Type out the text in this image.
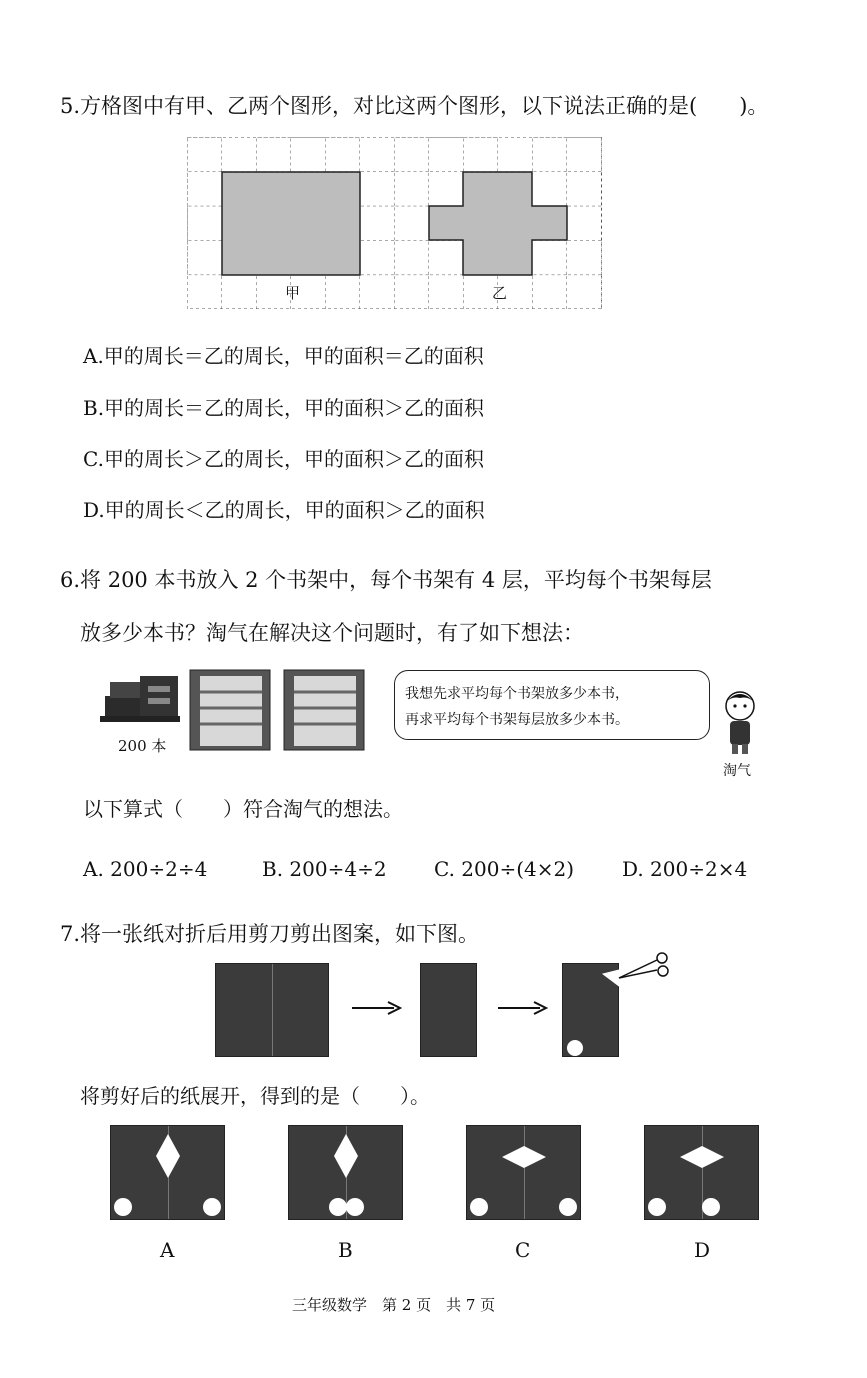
5.方格图中有甲、乙两个图形，对比这两个图形，以下说法正确的是(　　)。
甲	乙
A.甲的周长＝乙的周长，甲的面积＝乙的面积
B.甲的周长＝乙的周长，甲的面积＞乙的面积
C.甲的周长＞乙的周长，甲的面积＞乙的面积
D.甲的周长＜乙的周长，甲的面积＞乙的面积
6.将 200 本书放入 2 个书架中，每个书架有 4 层，平均每个书架每层
放多少本书？淘气在解决这个问题时，有了如下想法：
200 本
我想先求平均每个书架放多少本书，
再求平均每个书架每层放多少本书。
淘气
以下算式（　　）符合淘气的想法。
A. 200÷2÷4	B. 200÷4÷2 C. 200÷(4×2) D. 200÷2×4
7.将一张纸对折后用剪刀剪出图案，如下图。
将剪好后的纸展开，得到的是（　　）。
A	B	C	D
三年级数学　第 2 页　共 7 页
